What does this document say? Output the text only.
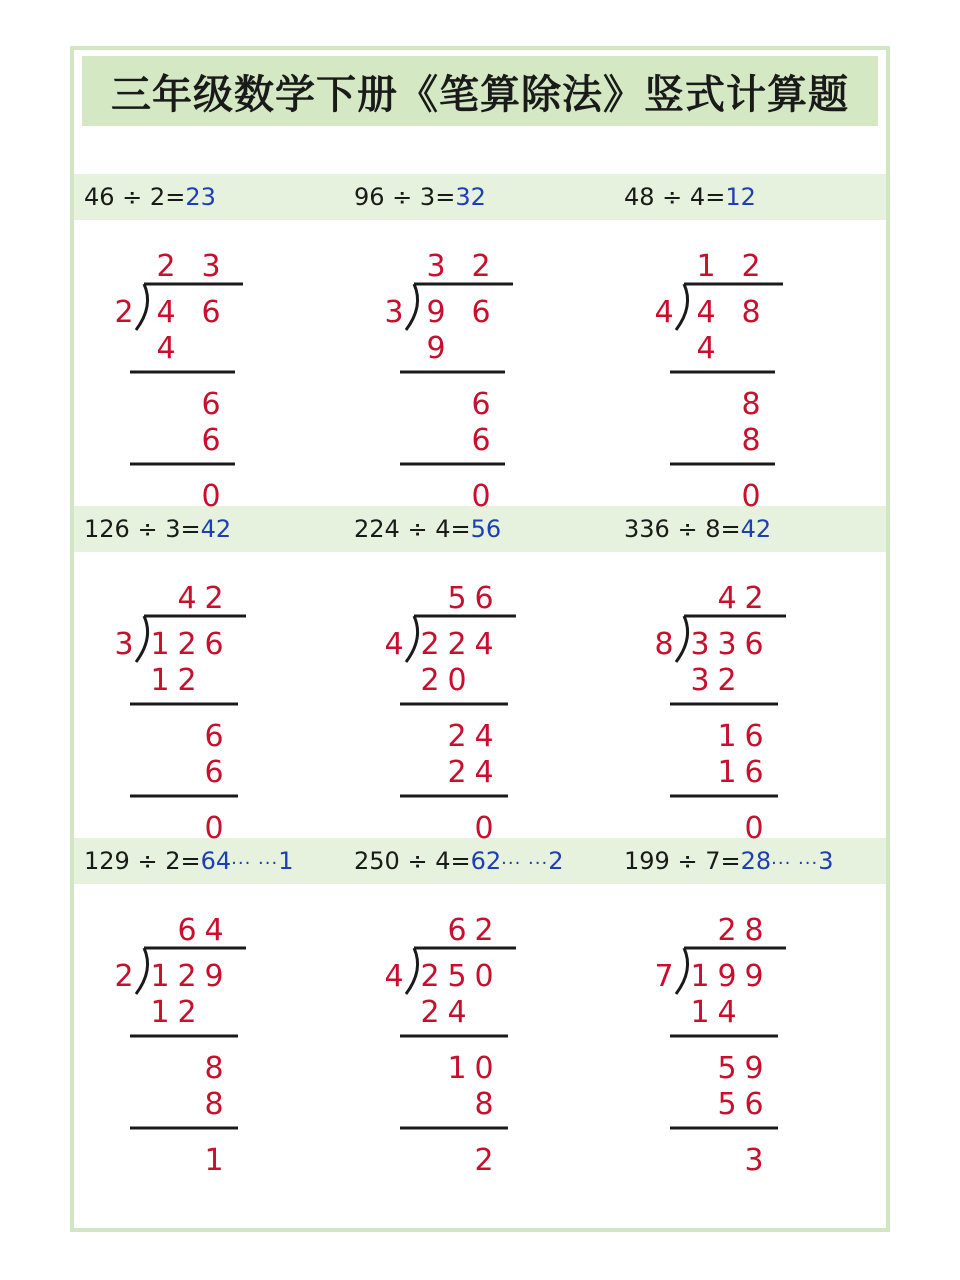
三年级数学下册《笔算除法》竖式计算题
46 ÷ 2=23
2 3
2 4 6
4
6
6
0
96 ÷ 3=32
3 2
3 9 6
9
6
6
0
48 ÷ 4=12
1 2
4 4 8
4
8
8
0
126 ÷ 3=42
4 2
3 1 2 6
1 2
6
6
0
224 ÷ 4=56
5 6
4 2 2 4
2 0
2 4
2 4
0
336 ÷ 8=42
4 2
8 3 3 6
3 2
1 6
1 6
0
129 ÷ 2=64··· ···1
6 4
2 1 2 9
1 2
8
8
1
250 ÷ 4=62··· ···2
6 2
4 2 5 0
2 4
1 0
8
2
199 ÷ 7=28··· ···3
2 8
7 1 9 9
1 4
5 9
5 6
3
